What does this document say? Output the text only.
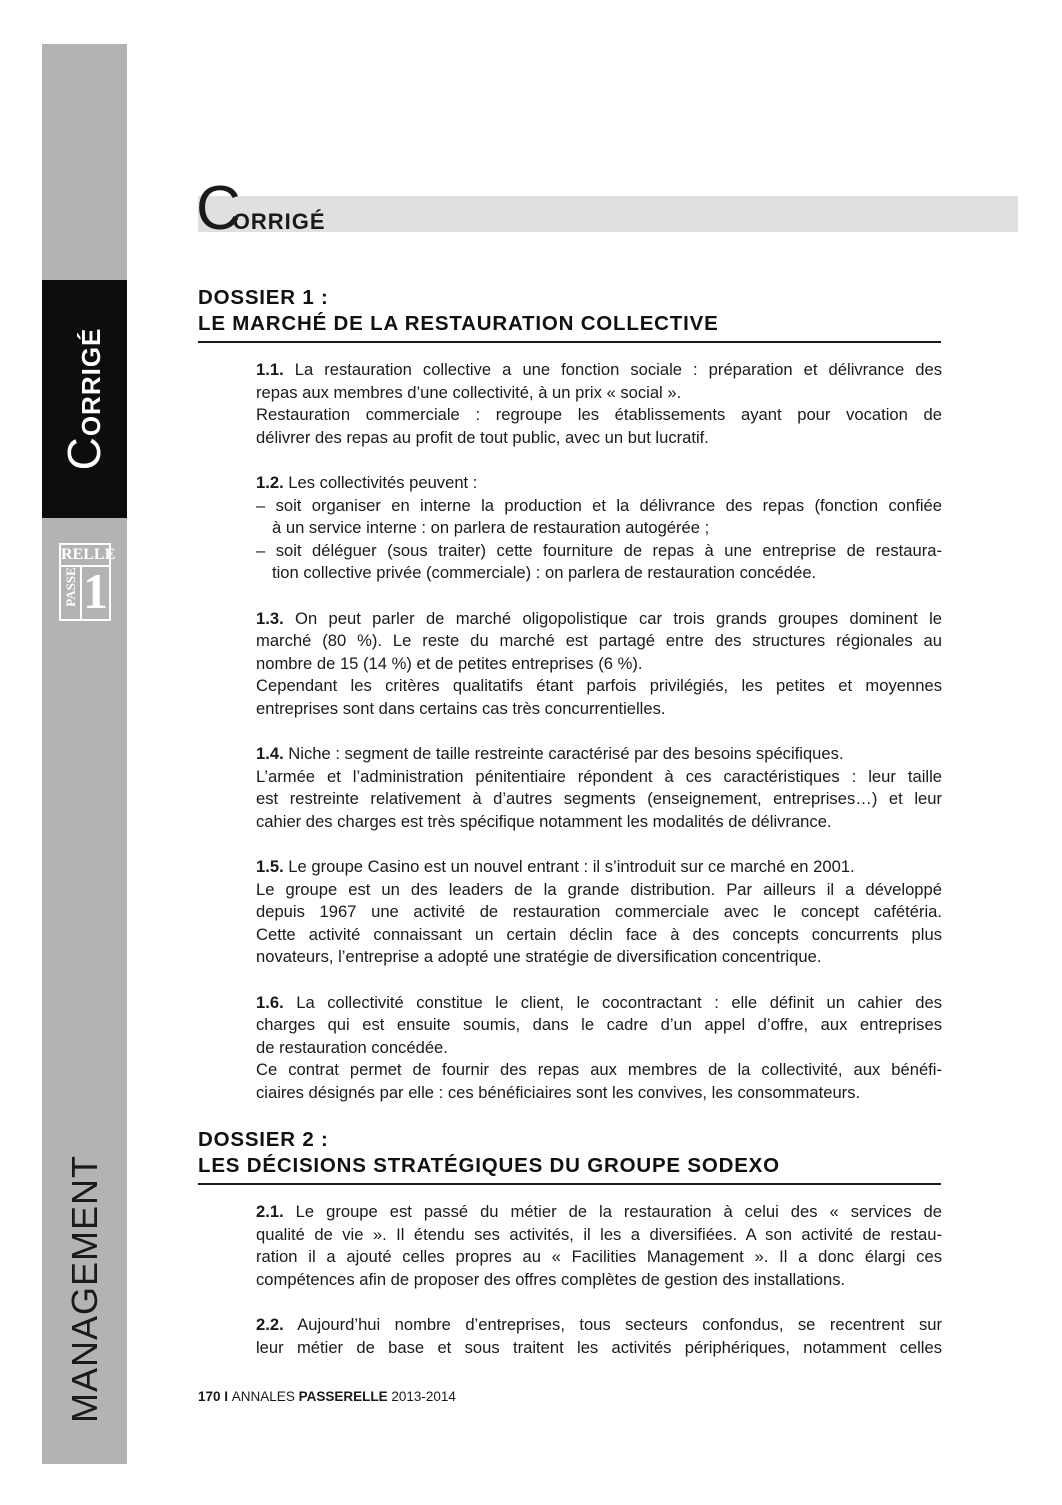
CORRIGÉ
RELLE
PASSE 1
MANAGEMENT
CORRIGÉ
DOSSIER 1 :
LE MARCHÉ DE LA RESTAURATION COLLECTIVE

1.1. La restauration collective a une fonction sociale : préparation et délivrance des

repas aux membres d’une collectivité, à un prix « social ».

Restauration commerciale : regroupe les établissements ayant pour vocation de

délivrer des repas au profit de tout public, avec un but lucratif.

1.2. Les collectivités peuvent :

– soit organiser en interne la production et la délivrance des repas (fonction confiée

à un service interne : on parlera de restauration autogérée ;

– soit déléguer (sous traiter) cette fourniture de repas à une entreprise de restaura-

tion collective privée (commerciale) : on parlera de restauration concédée.

1.3. On peut parler de marché oligopolistique car trois grands groupes dominent le

marché (80 %). Le reste du marché est partagé entre des structures régionales au

nombre de 15 (14 %) et de petites entreprises (6 %).

Cependant les critères qualitatifs étant parfois privilégiés, les petites et moyennes

entreprises sont dans certains cas très concurrentielles.

1.4. Niche : segment de taille restreinte caractérisé par des besoins spécifiques.

L’armée et l’administration pénitentiaire répondent à ces caractéristiques : leur taille

est restreinte relativement à d’autres segments (enseignement, entreprises…) et leur

cahier des charges est très spécifique notamment les modalités de délivrance.

1.5. Le groupe Casino est un nouvel entrant : il s’introduit sur ce marché en 2001.

Le groupe est un des leaders de la grande distribution. Par ailleurs il a développé

depuis 1967 une activité de restauration commerciale avec le concept cafétéria.

Cette activité connaissant un certain déclin face à des concepts concurrents plus

novateurs, l’entreprise a adopté une stratégie de diversification concentrique.

1.6. La collectivité constitue le client, le cocontractant : elle définit un cahier des

charges qui est ensuite soumis, dans le cadre d’un appel d’offre, aux entreprises

de restauration concédée.

Ce contrat permet de fournir des repas aux membres de la collectivité, aux bénéfi-

ciaires désignés par elle : ces bénéficiaires sont les convives, les consommateurs.

DOSSIER 2 :
LES DÉCISIONS STRATÉGIQUES DU GROUPE SODEXO

2.1. Le groupe est passé du métier de la restauration à celui des « services de

qualité de vie ». Il étendu ses activités, il les a diversifiées. A son activité de restau-

ration il a ajouté celles propres au « Facilities Management ». Il a donc élargi ces

compétences afin de proposer des offres complètes de gestion des installations.

2.2. Aujourd’hui nombre d’entreprises, tous secteurs confondus, se recentrent sur

leur métier de base et sous traitent les activités périphériques, notamment celles

170 I ANNALES PASSERELLE 2013-2014
